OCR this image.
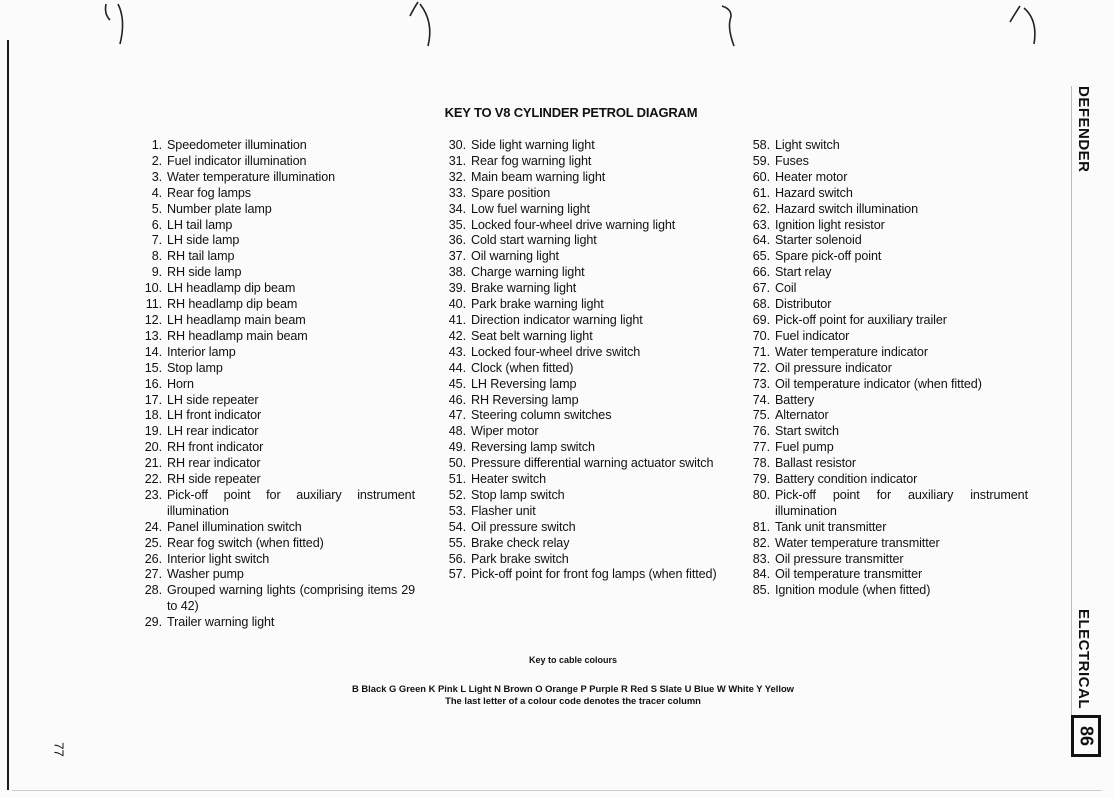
KEY TO V8 CYLINDER PETROL DIAGRAM
1. Speedometer illumination
2. Fuel indicator illumination
3. Water temperature illumination
4. Rear fog lamps
5. Number plate lamp
6. LH tail lamp
7. LH side lamp
8. RH tail lamp
9. RH side lamp
10. LH headlamp dip beam
11. RH headlamp dip beam
12. LH headlamp main beam
13. RH headlamp main beam
14. Interior lamp
15. Stop lamp
16. Horn
17. LH side repeater
18. LH front indicator
19. LH rear indicator
20. RH front indicator
21. RH rear indicator
22. RH side repeater
23. Pick-off point for auxiliary instrument illumination
24. Panel illumination switch
25. Rear fog switch (when fitted)
26. Interior light switch
27. Washer pump
28. Grouped warning lights (comprising items 29 to 42)
29. Trailer warning light
30. Side light warning light
31. Rear fog warning light
32. Main beam warning light
33. Spare position
34. Low fuel warning light
35. Locked four-wheel drive warning light
36. Cold start warning light
37. Oil warning light
38. Charge warning light
39. Brake warning light
40. Park brake warning light
41. Direction indicator warning light
42. Seat belt warning light
43. Locked four-wheel drive switch
44. Clock (when fitted)
45. LH Reversing lamp
46. RH Reversing lamp
47. Steering column switches
48. Wiper motor
49. Reversing lamp switch
50. Pressure differential warning actuator switch
51. Heater switch
52. Stop lamp switch
53. Flasher unit
54. Oil pressure switch
55. Brake check relay
56. Park brake switch
57. Pick-off point for front fog lamps (when fitted)
58. Light switch
59. Fuses
60. Heater motor
61. Hazard switch
62. Hazard switch illumination
63. Ignition light resistor
64. Starter solenoid
65. Spare pick-off point
66. Start relay
67. Coil
68. Distributor
69. Pick-off point for auxiliary trailer
70. Fuel indicator
71. Water temperature indicator
72. Oil pressure indicator
73. Oil temperature indicator (when fitted)
74. Battery
75. Alternator
76. Start switch
77. Fuel pump
78. Ballast resistor
79. Battery condition indicator
80. Pick-off point for auxiliary instrument illumination
81. Tank unit transmitter
82. Water temperature transmitter
83. Oil pressure transmitter
84. Oil temperature transmitter
85. Ignition module (when fitted)
Key to cable colours
B Black G Green K Pink L Light N Brown O Orange P Purple R Red S Slate U Blue W White Y Yellow
The last letter of a colour code denotes the tracer column
77
DEFENDER
ELECTRICAL
86
